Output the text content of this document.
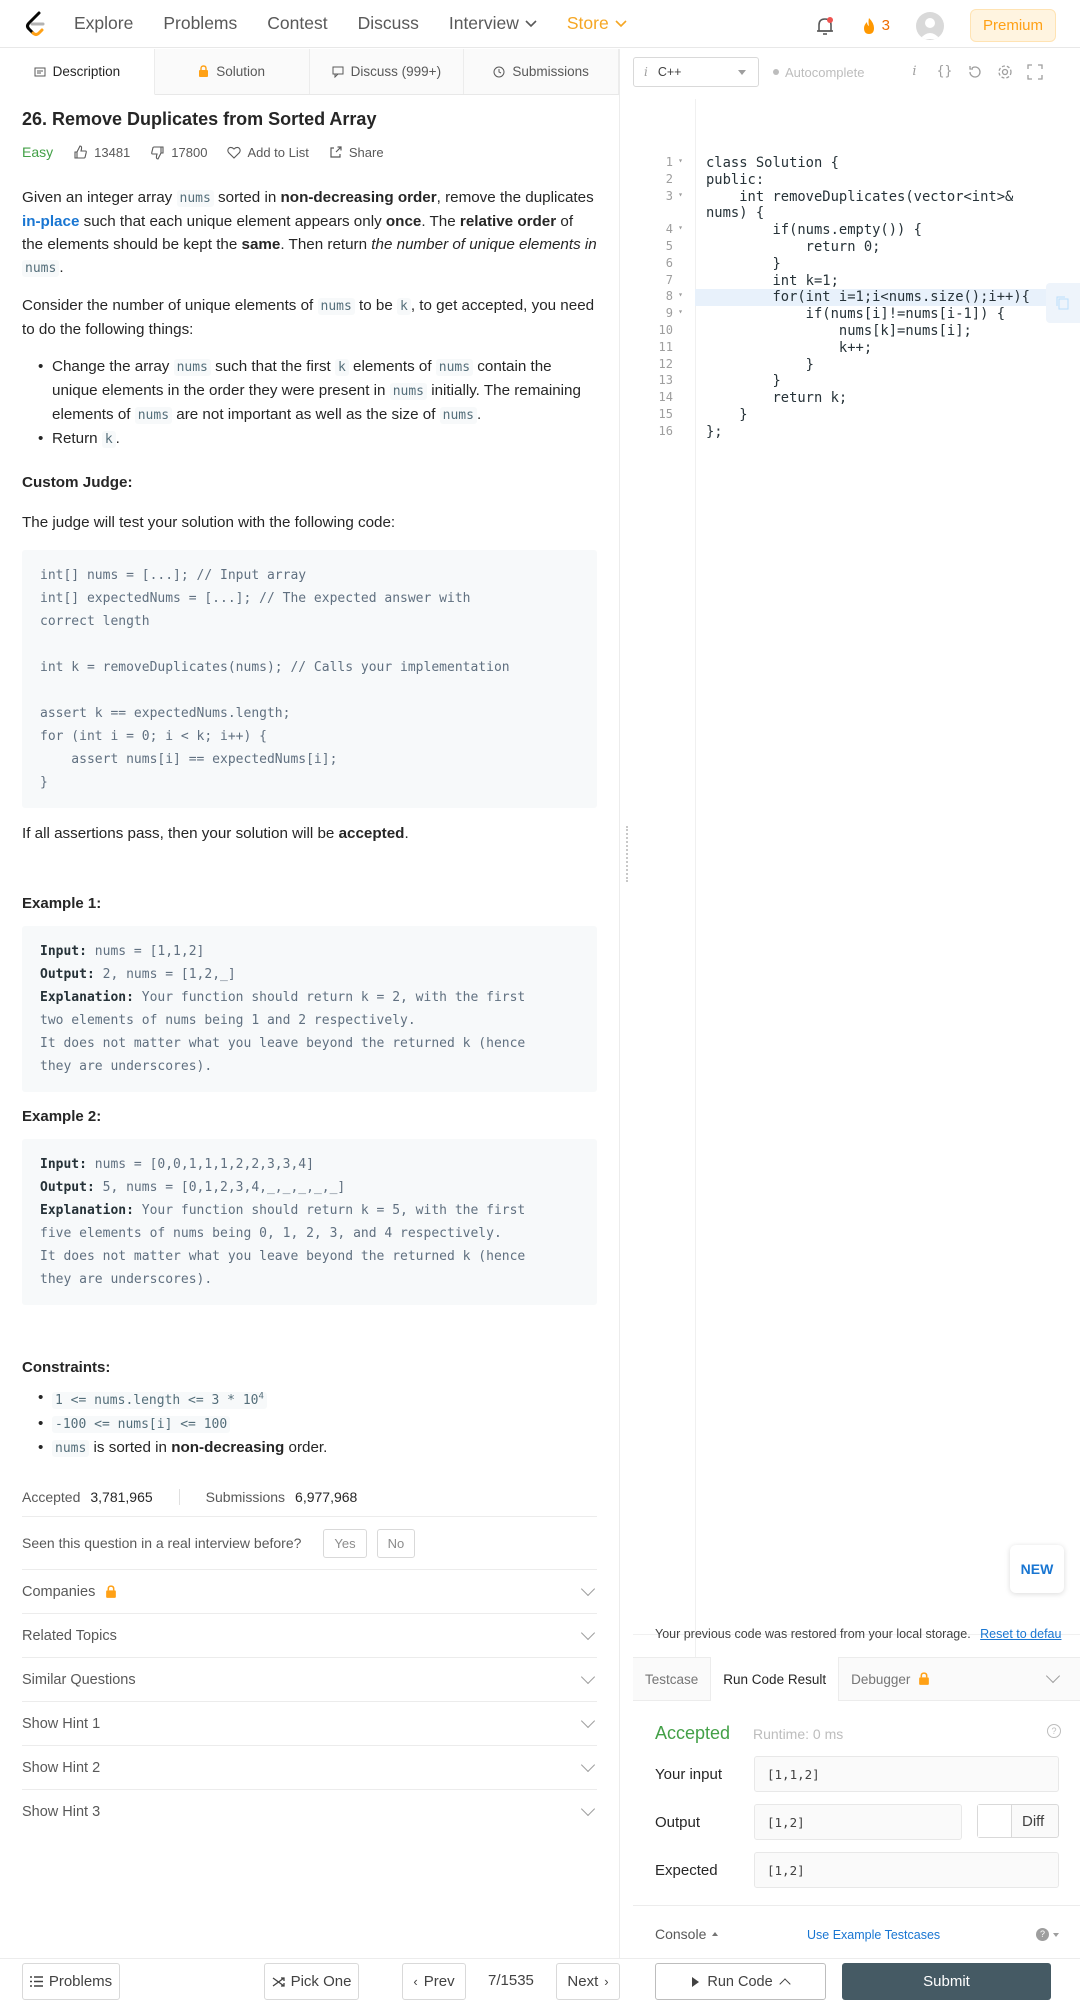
Explore Problems Contest Discuss Interview	Store	3	Premium
Description	Solution	Discuss (999+)	Submissions
26. Remove Duplicates from Sorted Array
Easy	13481	17800	Add to List	Share

Given an integer array nums sorted in non-decreasing order, remove the duplicates in-place such that each unique element appears only once. The relative order of the elements should be kept the same. Then return the number of unique elements in nums .

Consider the number of unique elements of nums to be k , to get accepted, you need to do the following things:

• Change the array nums such that the first k elements of nums contain the unique elements in the order they were present in nums initially. The remaining elements of nums are not important as well as the size of nums .
• Return k .

Custom Judge:

The judge will test your solution with the following code:

int[] nums = [...]; // Input array
int[] expectedNums = [...]; // The expected answer with
correct length

int k = removeDuplicates(nums); // Calls your implementation

assert k == expectedNums.length;
for (int i = 0; i < k; i++) {
assert nums[i] == expectedNums[i];
}

If all assertions pass, then your solution will be accepted.

Example 1:

Input: nums = [1,1,2]
Output: 2, nums = [1,2,_]
Explanation: Your function should return k = 2, with the first
two elements of nums being 1 and 2 respectively.
It does not matter what you leave beyond the returned k (hence
they are underscores).

Example 2:

Input: nums = [0,0,1,1,1,2,2,3,3,4]
Output: 5, nums = [0,1,2,3,4,_,_,_,_,_]
Explanation: Your function should return k = 5, with the first
five elements of nums being 0, 1, 2, 3, and 4 respectively.
It does not matter what you leave beyond the returned k (hence
they are underscores).

Constraints:

• 1 <= nums.length <= $3 * 10^4$
• -100 <= nums[i] <= 100
• nums is sorted in non-decreasing order.
Accepted 3,781,965	Submissions 6,977,968
Seen this question in a real interview before?	Yes	No
Companies
Related Topics
Similar Questions
Show Hint 1
Show Hint 2
Show Hint 3
Problems	Pick One	‹ Prev 7/1535 Next ›
i C++	Autocomplete	i	{}
1 ▾
2
3 ▾
4 ▾
5
6
7
8 ▾
9 ▾
10
11
12
13
14
15
16
class Solution {
public:
int removeDuplicates(vector<int>&
nums) {
if(nums.empty()) {
return 0;
}
int k=1;
for(int i=1;i<nums.size();i++){
if(nums[i]!=nums[i-1]) {
nums[k]=nums[i];
k++;
}
}
return k;
}
};
Your previous code was restored from your local storage. Reset to defau
Testcase Run Code Result Debugger
Accepted Runtime: 0 ms	?
Your input	[1,1,2]
Output	[1,2]	Diff
Expected	[1,2]
Console	Use Example Testcases	?
Run Code	Submit
NEW
